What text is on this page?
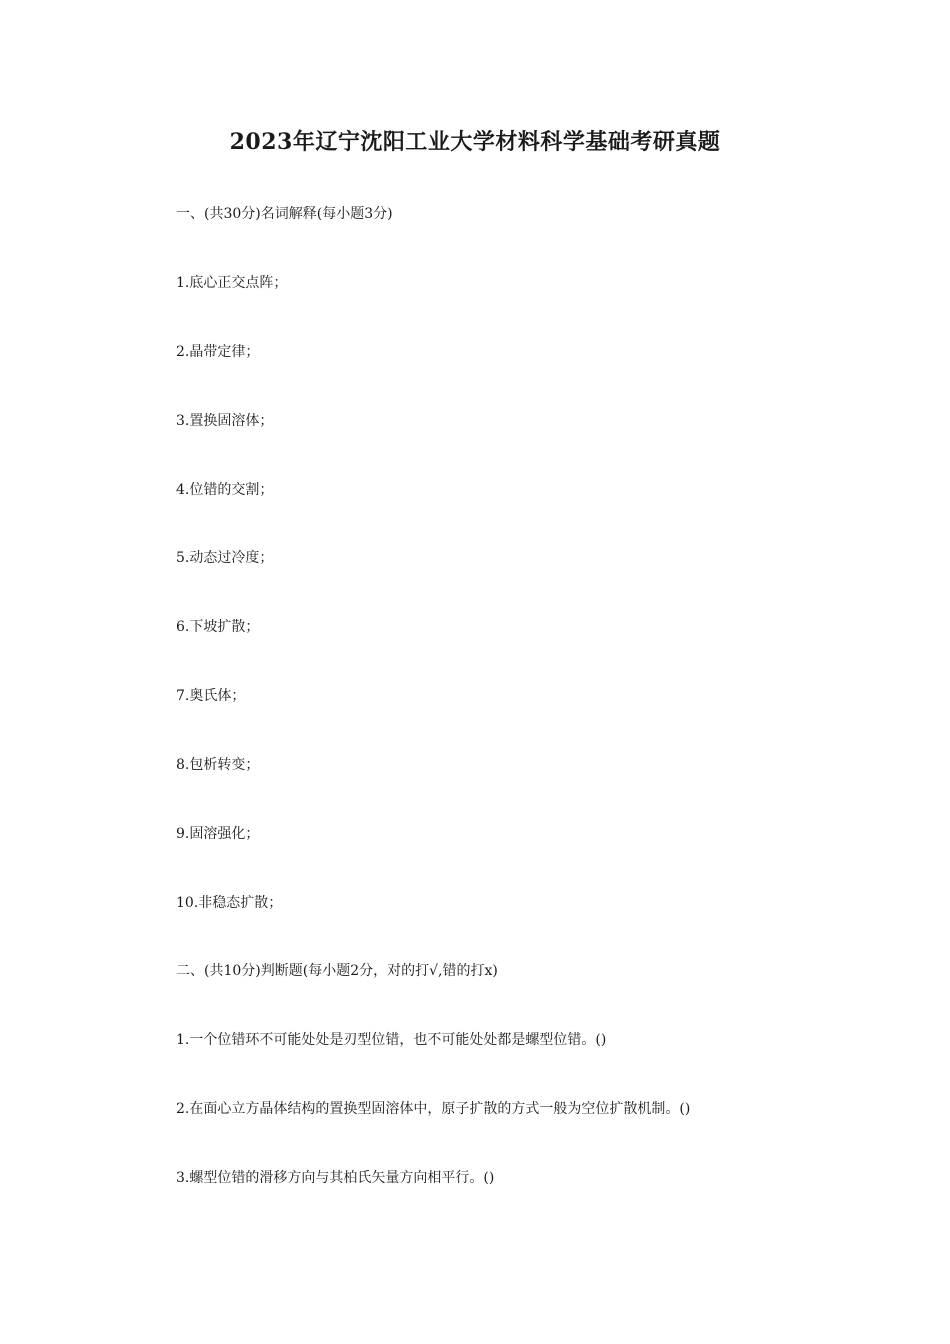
2023年辽宁沈阳工业大学材料科学基础考研真题
一、(共30分)名词解释(每小题3分)
1.底心正交点阵；
2.晶带定律；
3.置换固溶体；
4.位错的交割；
5.动态过冷度；
6.下坡扩散；
7.奥氏体；
8.包析转变；
9.固溶强化；
10.非稳态扩散；
二、(共10分)判断题(每小题2分，对的打√,错的打x)
1.一个位错环不可能处处是刃型位错，也不可能处处都是螺型位错。()
2.在面心立方晶体结构的置换型固溶体中，原子扩散的方式一般为空位扩散机制。()
3.螺型位错的滑移方向与其柏氏矢量方向相平行。()
